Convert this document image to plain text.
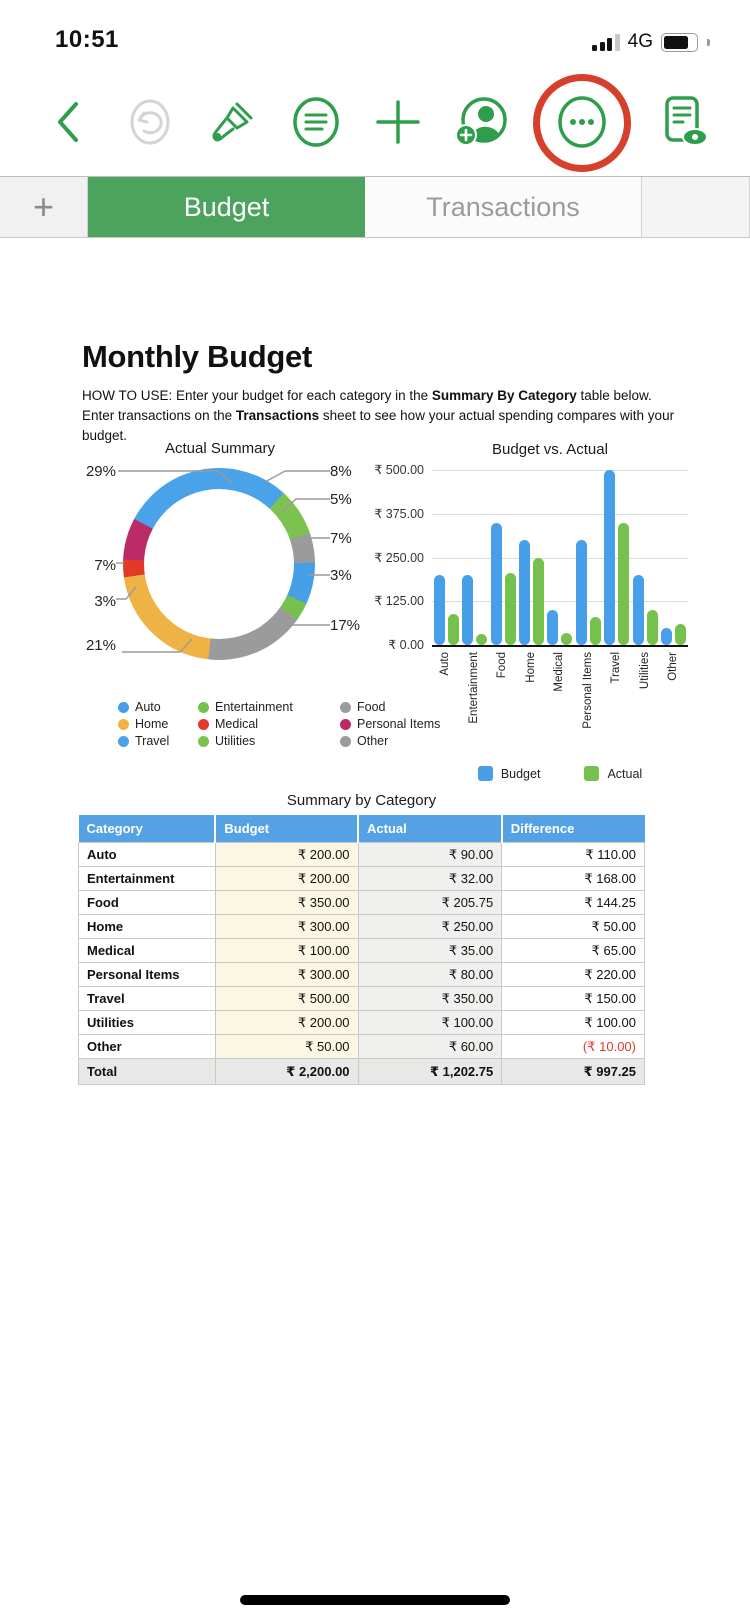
10:51	4G
+	Budget	Transactions
Monthly Budget

HOW TO USE: Enter your budget for each category in the Summary By Category table below. Enter transactions on the Transactions sheet to see how your actual spending compares with your budget.

Actual Summary
29%
7%
3%
21%
8%
5%
7%
3%
17%
Auto	Entertainment	Food
Home	Medical	Personal Items
Travel	Utilities	Other
Budget vs. Actual
₹ 500.00
₹ 375.00
₹ 250.00
₹ 125.00
₹ 0.00
Auto Entertainment Food Home Medical Personal Items Travel Utilities Other
Budget	Actual
Summary by Category
Category	Budget	Actual	Difference
Auto	₹ 200.00	₹ 90.00	₹ 110.00
Entertainment	₹ 200.00	₹ 32.00	₹ 168.00
Food	₹ 350.00	₹ 205.75	₹ 144.25
Home	₹ 300.00	₹ 250.00	₹ 50.00
Medical	₹ 100.00	₹ 35.00	₹ 65.00
Personal Items	₹ 300.00	₹ 80.00	₹ 220.00
Travel	₹ 500.00	₹ 350.00	₹ 150.00
Utilities	₹ 200.00	₹ 100.00	₹ 100.00
Other	₹ 50.00	₹ 60.00	(₹ 10.00)
Total	₹ 2,200.00	₹ 1,202.75	₹ 997.25
